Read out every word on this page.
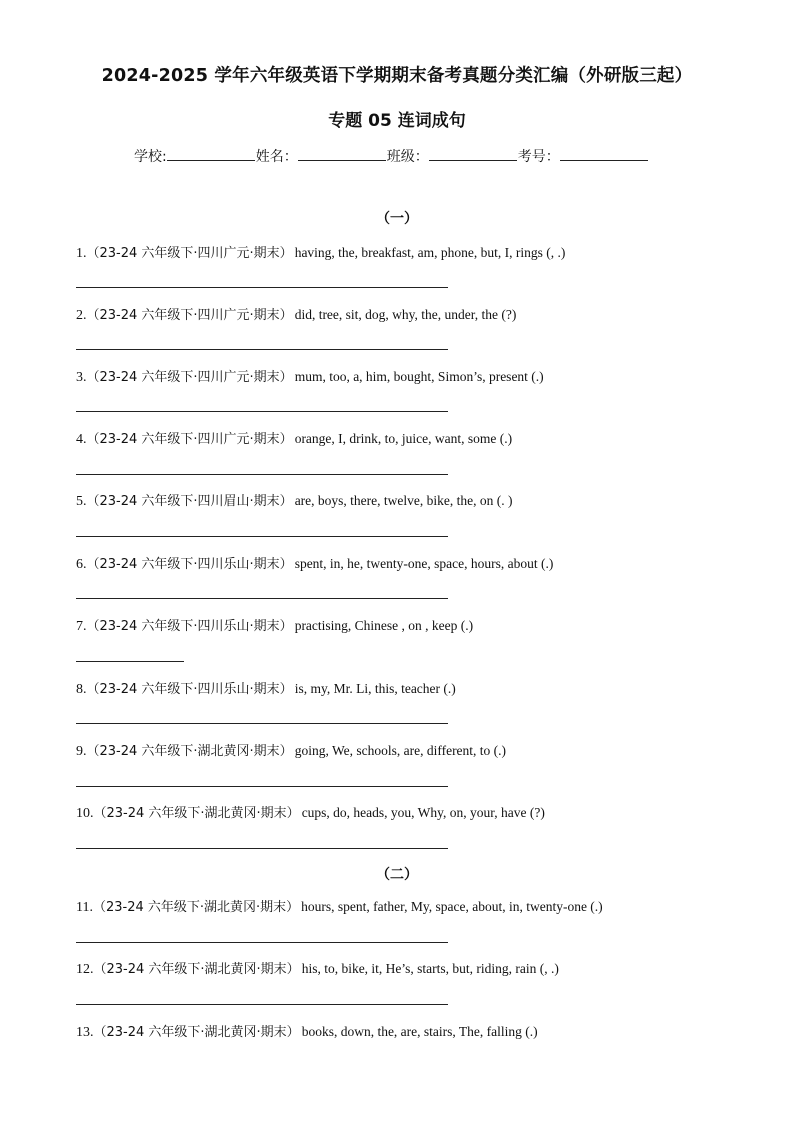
2024-2025 学年六年级英语下学期期末备考真题分类汇编（外研版三起）
专题 05 连词成句
学校:	姓名：	班级：	考号：
（一）
1.（23-24 六年级下·四川广元·期末） having, the, breakfast, am, phone, but, I, rings (, .)
2.（23-24 六年级下·四川广元·期末） did, tree, sit, dog, why, the, under, the (?)
3.（23-24 六年级下·四川广元·期末） mum, too, a, him, bought, Simon’s, present (.)
4.（23-24 六年级下·四川广元·期末） orange, I, drink, to, juice, want, some (.)
5.（23-24 六年级下·四川眉山·期末） are, boys, there, twelve, bike, the, on (. )
6.（23-24 六年级下·四川乐山·期末） spent, in, he, twenty-one, space, hours, about (.)
7.（23-24 六年级下·四川乐山·期末） practising, Chinese , on , keep (.)
8.（23-24 六年级下·四川乐山·期末） is, my, Mr. Li, this, teacher (.)
9.（23-24 六年级下·湖北黄冈·期末） going, We, schools, are, different, to (.)
10.（23-24 六年级下·湖北黄冈·期末） cups, do, heads, you, Why, on, your, have (?)
（二）
11.（23-24 六年级下·湖北黄冈·期末） hours, spent, father, My, space, about, in, twenty-one (.)
12.（23-24 六年级下·湖北黄冈·期末） his, to, bike, it, He’s, starts, but, riding, rain (, .)
13.（23-24 六年级下·湖北黄冈·期末） books, down, the, are, stairs, The, falling (.)
